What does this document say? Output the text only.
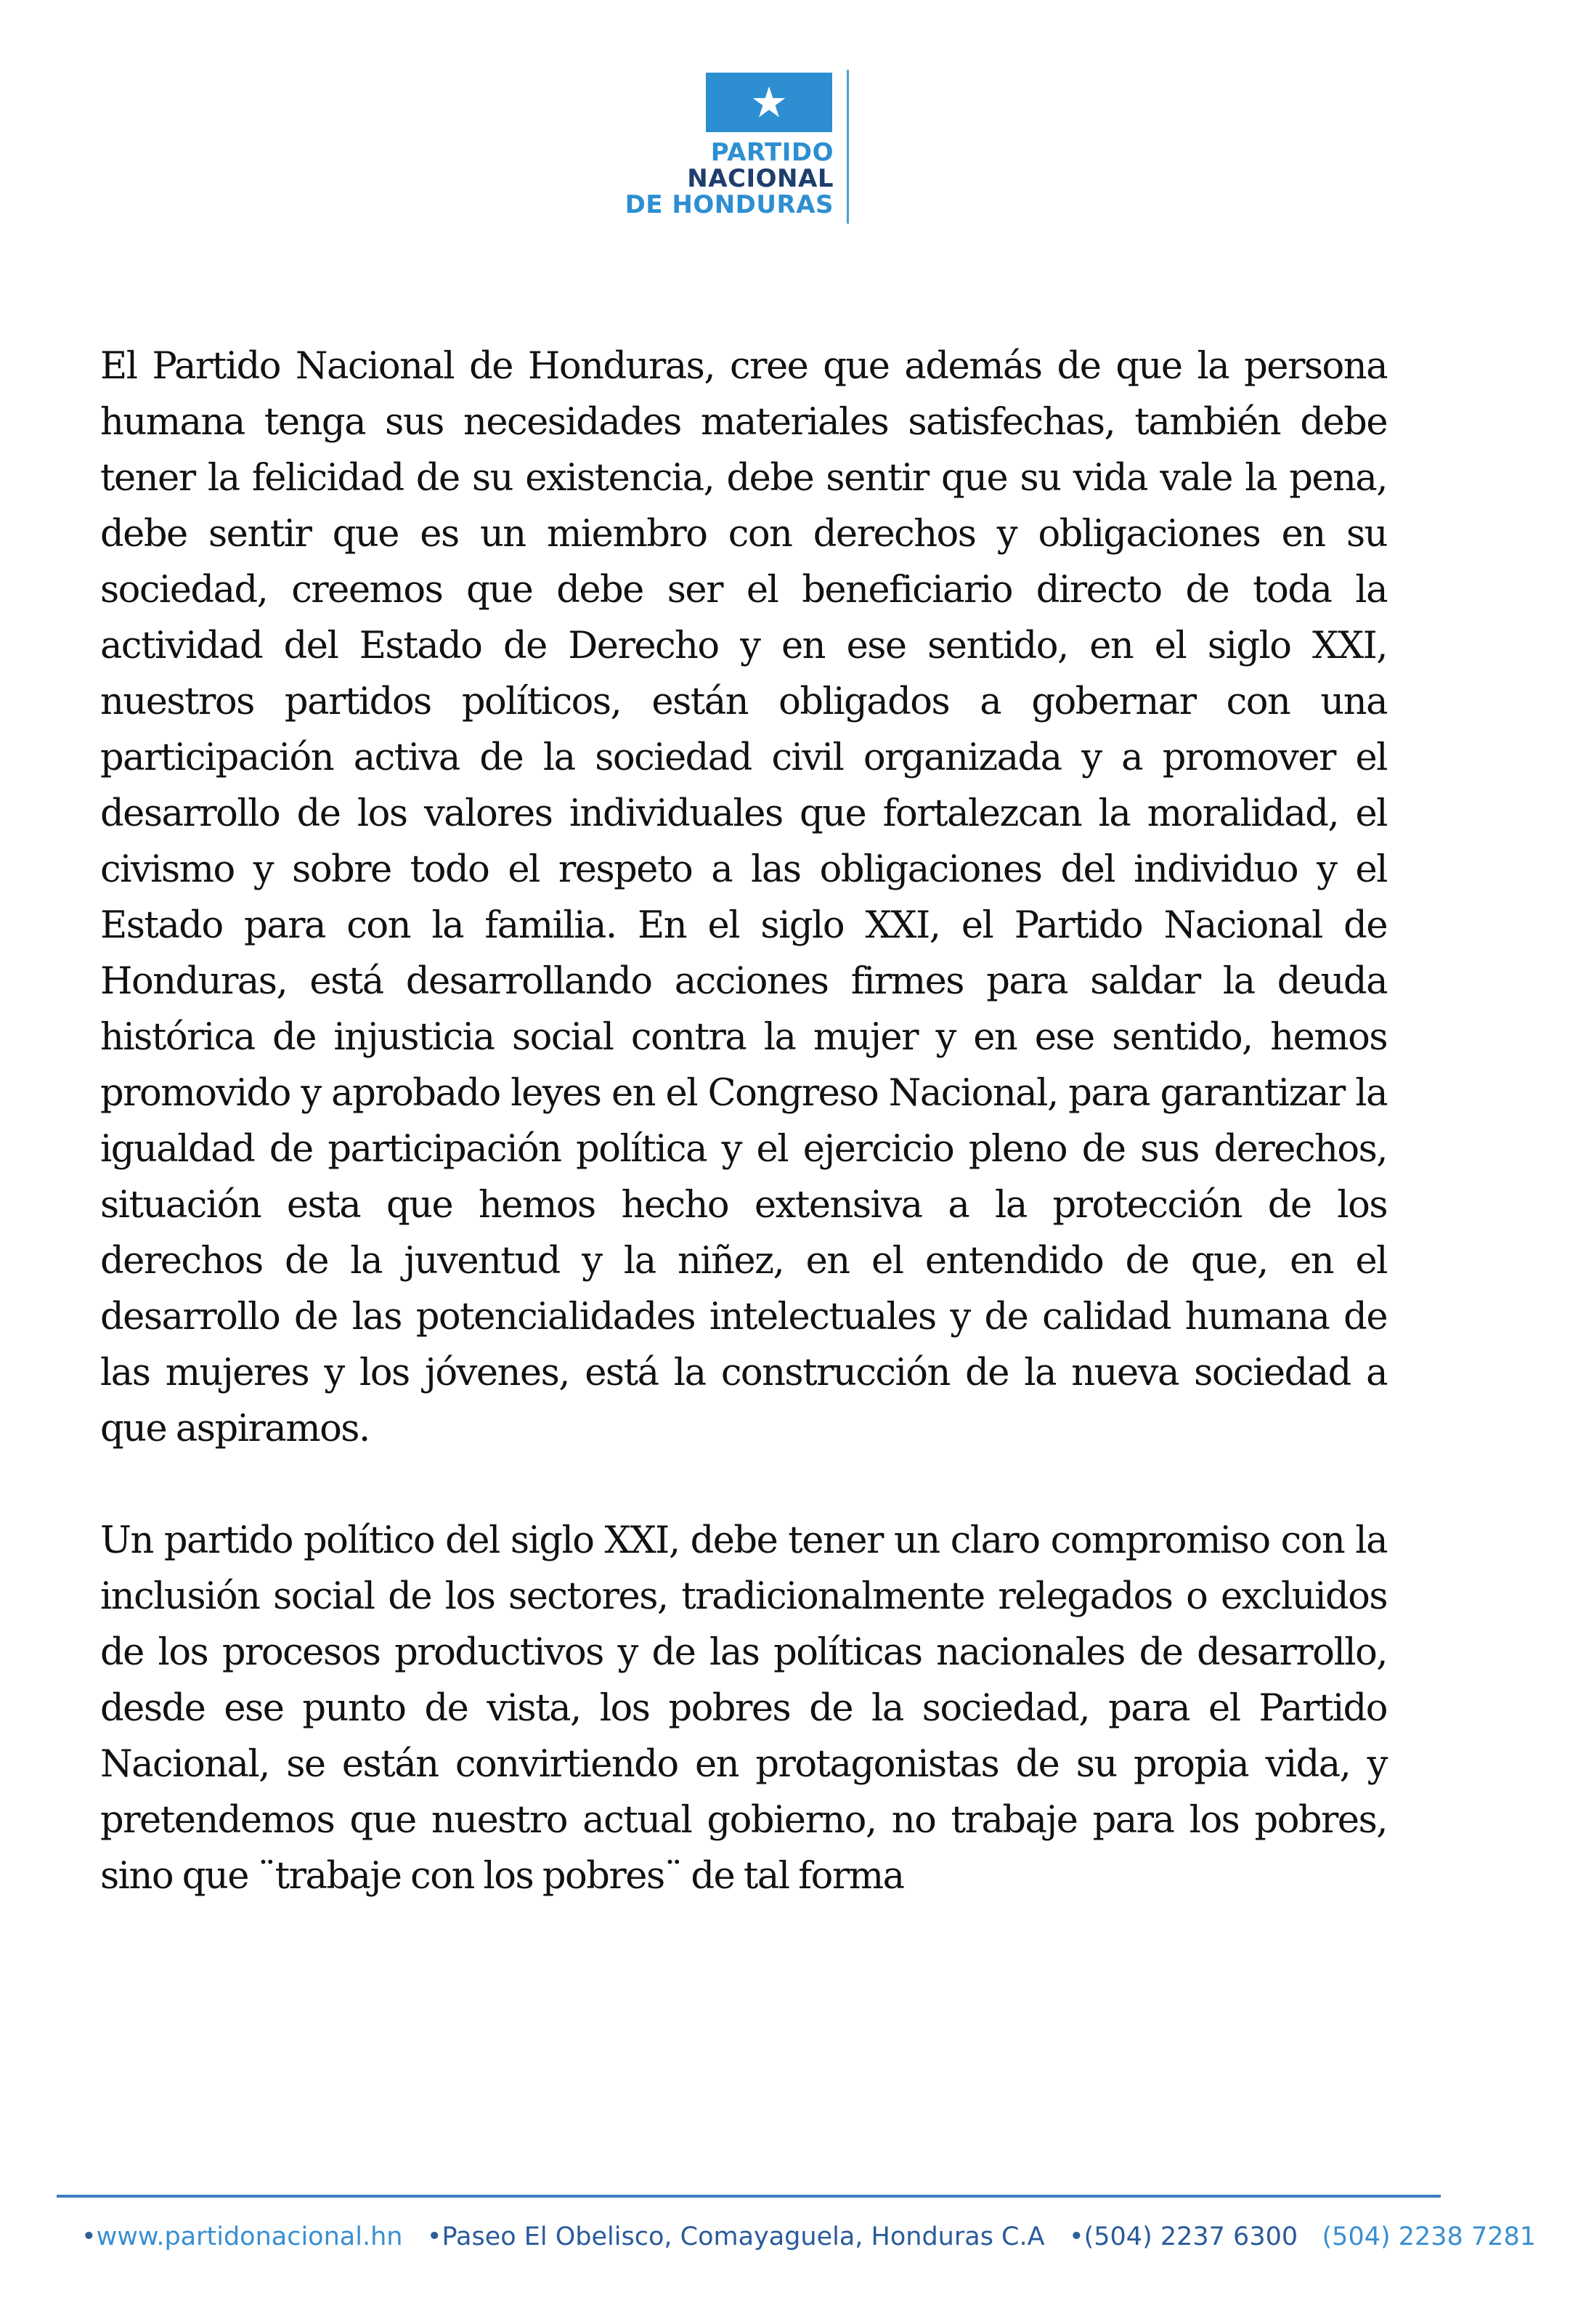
★
PARTIDO
NACIONAL
DE HONDURAS

El Partido Nacional de Honduras, cree que además de que la persona humana tenga sus necesidades materiales satisfechas, también debe tener la felicidad de su existencia, debe sentir que su vida vale la pena, debe sentir que es un miembro con derechos y obligaciones en su sociedad, creemos que debe ser el beneficiario directo de toda la actividad del Estado de Derecho y en ese sentido, en el siglo XXI, nuestros partidos políticos, están obligados a gobernar con una participación activa de la sociedad civil organizada y a promover el desarrollo de los valores individuales que fortalezcan la moralidad, el civismo y sobre todo el respeto a las obligaciones del individuo y el Estado para con la familia. En el siglo XXI, el Partido Nacional de Honduras, está desarrollando acciones firmes para saldar la deuda histórica de injusticia social contra la mujer y en ese sentido, hemos promovido y aprobado leyes en el Congreso Nacional, para garantizar la igualdad de participación política y el ejercicio pleno de sus derechos, situación esta que hemos hecho extensiva a la protección de los derechos de la juventud y la niñez, en el entendido de que, en el desarrollo de las potencialidades intelectuales y de calidad humana de las mujeres y los jóvenes, está la construcción de la nueva sociedad a que aspiramos.

Un partido político del siglo XXI, debe tener un claro compromiso con la inclusión social de los sectores, tradicionalmente relegados o excluidos de los procesos productivos y de las políticas nacionales de desarrollo, desde ese punto de vista, los pobres de la sociedad, para el Partido Nacional, se están convirtiendo en protagonistas de su propia vida, y pretendemos que nuestro actual gobierno, no trabaje para los pobres, sino que ¨trabaje con los pobres¨ de tal forma

•www.partidonacional.hn •Paseo El Obelisco, Comayaguela, Honduras C.A •(504) 2237 6300 (504) 2238 7281
